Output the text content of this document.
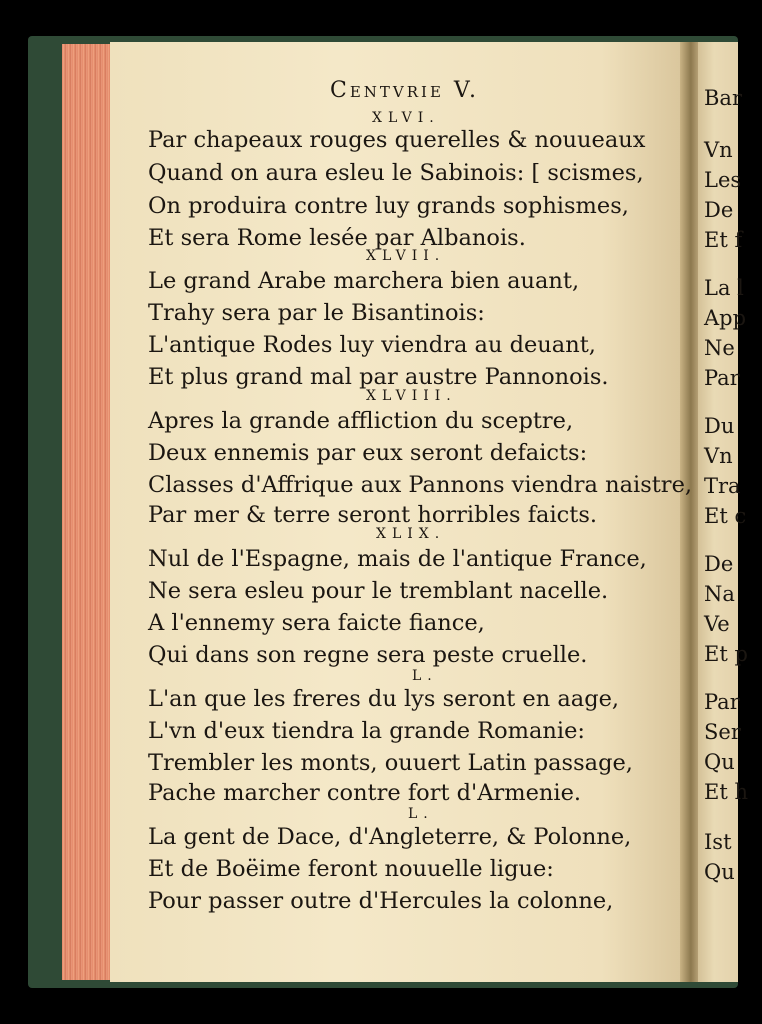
Centvrie V.
XLVI.
Par chapeaux rouges querelles & nouueaux
Quand on aura esleu le Sabinois: [ scismes,
On produira contre luy grands sophismes,
Et sera Rome lesée par Albanois.
XLVII.
Le grand Arabe marchera bien auant,
Trahy sera par le Bisantinois:
L'antique Rodes luy viendra au deuant,
Et plus grand mal par austre Pannonois.
XLVIII.
Apres la grande affliction du sceptre,
Deux ennemis par eux seront defaicts:
Classes d'Affrique aux Pannons viendra naistre,
Par mer & terre seront horribles faicts.
XLIX.
Nul de l'Espagne, mais de l'antique France,
Ne sera esleu pour le tremblant nacelle.
A l'ennemy sera faicte fiance,
Qui dans son regne sera peste cruelle.
L.
L'an que les freres du lys seront en aage,
L'vn d'eux tiendra la grande Romanie:
Trembler les monts, ouuert Latin passage,
Pache marcher contre fort d'Armenie.
L.
La gent de Dace, d'Angleterre, & Polonne,
Et de Boëime feront nouuelle ligue:
Pour passer outre d'Hercules la colonne,
Bar
Vn
Les
De
Et f
La l
App
Ne
Par
Du
Vn
Tra
Et c
De
Na
Ve
Et p
Par
Ser
Qu
Et h
Ist
Qu
